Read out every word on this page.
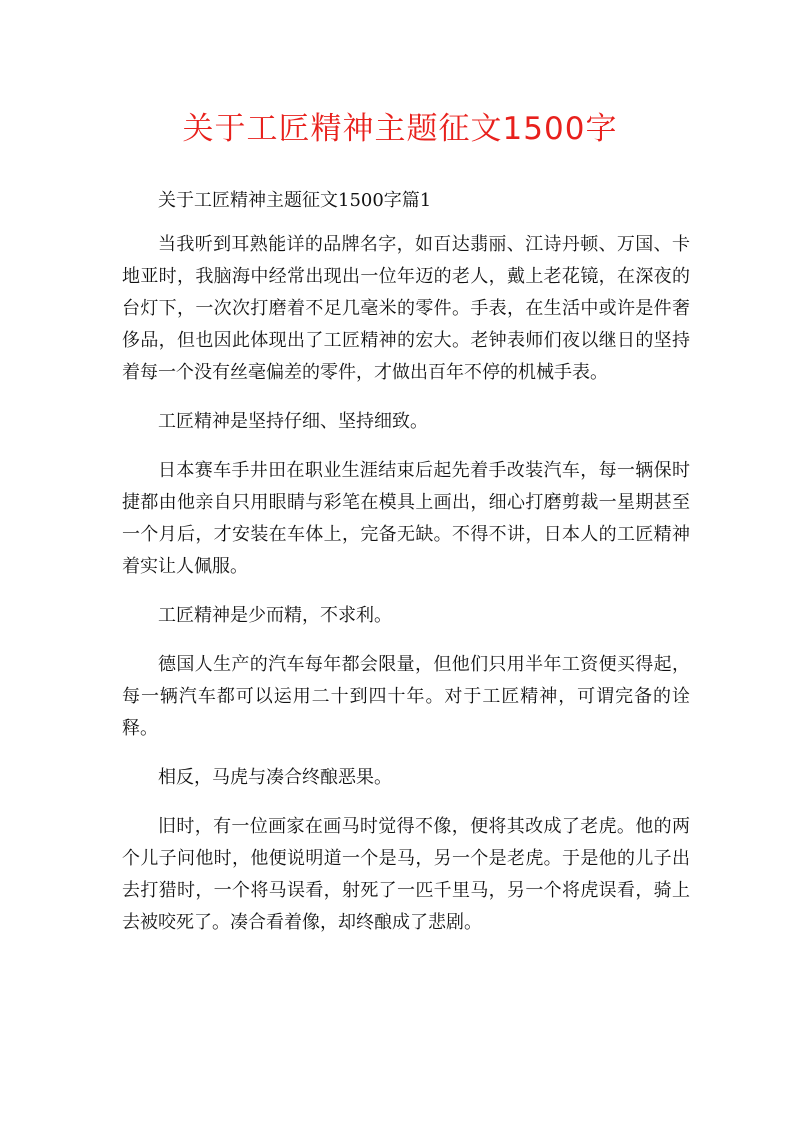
关于工匠精神主题征文1500字

关于工匠精神主题征文1500字篇1

当我听到耳熟能详的品牌名字，如百达翡丽、江诗丹顿、万国、卡地亚时，我脑海中经常出现出一位年迈的老人，戴上老花镜，在深夜的台灯下，一次次打磨着不足几毫米的零件。手表，在生活中或许是件奢侈品，但也因此体现出了工匠精神的宏大。老钟表师们夜以继日的坚持着每一个没有丝毫偏差的零件，才做出百年不停的机械手表。

工匠精神是坚持仔细、坚持细致。

日本赛车手井田在职业生涯结束后起先着手改装汽车，每一辆保时捷都由他亲自只用眼睛与彩笔在模具上画出，细心打磨剪裁一星期甚至一个月后，才安装在车体上，完备无缺。不得不讲，日本人的工匠精神着实让人佩服。

工匠精神是少而精，不求利。

德国人生产的汽车每年都会限量，但他们只用半年工资便买得起，每一辆汽车都可以运用二十到四十年。对于工匠精神，可谓完备的诠释。

相反，马虎与凑合终酿恶果。

旧时，有一位画家在画马时觉得不像，便将其改成了老虎。他的两个儿子问他时，他便说明道一个是马，另一个是老虎。于是他的儿子出去打猎时，一个将马误看，射死了一匹千里马，另一个将虎误看，骑上去被咬死了。凑合看着像，却终酿成了悲剧。
